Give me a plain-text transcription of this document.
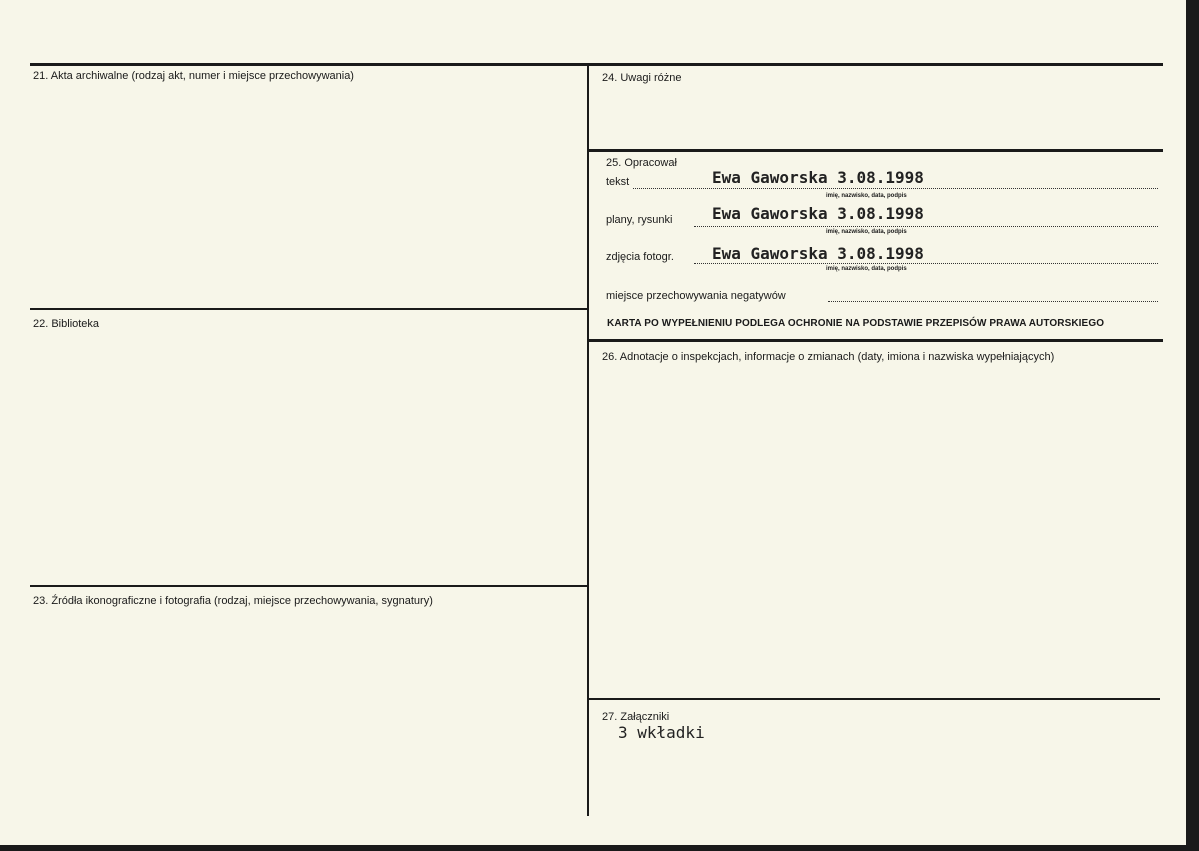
21. Akta archiwalne (rodzaj akt, numer i miejsce przechowywania)
22. Biblioteka
23. Źródła ikonograficzne i fotografia (rodzaj, miejsce przechowywania, sygnatury)
24. Uwagi różne
25. Opracował
tekst	Ewa Gaworska 3.08.1998
imię, nazwisko, data, podpis
plany, rysunki Ewa Gaworska 3.08.1998
imię, nazwisko, data, podpis
zdjęcia fotogr. Ewa Gaworska 3.08.1998
imię, nazwisko, data, podpis
miejsce przechowywania negatywów
KARTA PO WYPEŁNIENIU PODLEGA OCHRONIE NA PODSTAWIE PRZEPISÓW PRAWA AUTORSKIEGO
26. Adnotacje o inspekcjach, informacje o zmianach (daty, imiona i nazwiska wypełniających)
27. Załączniki
3 wkładki
